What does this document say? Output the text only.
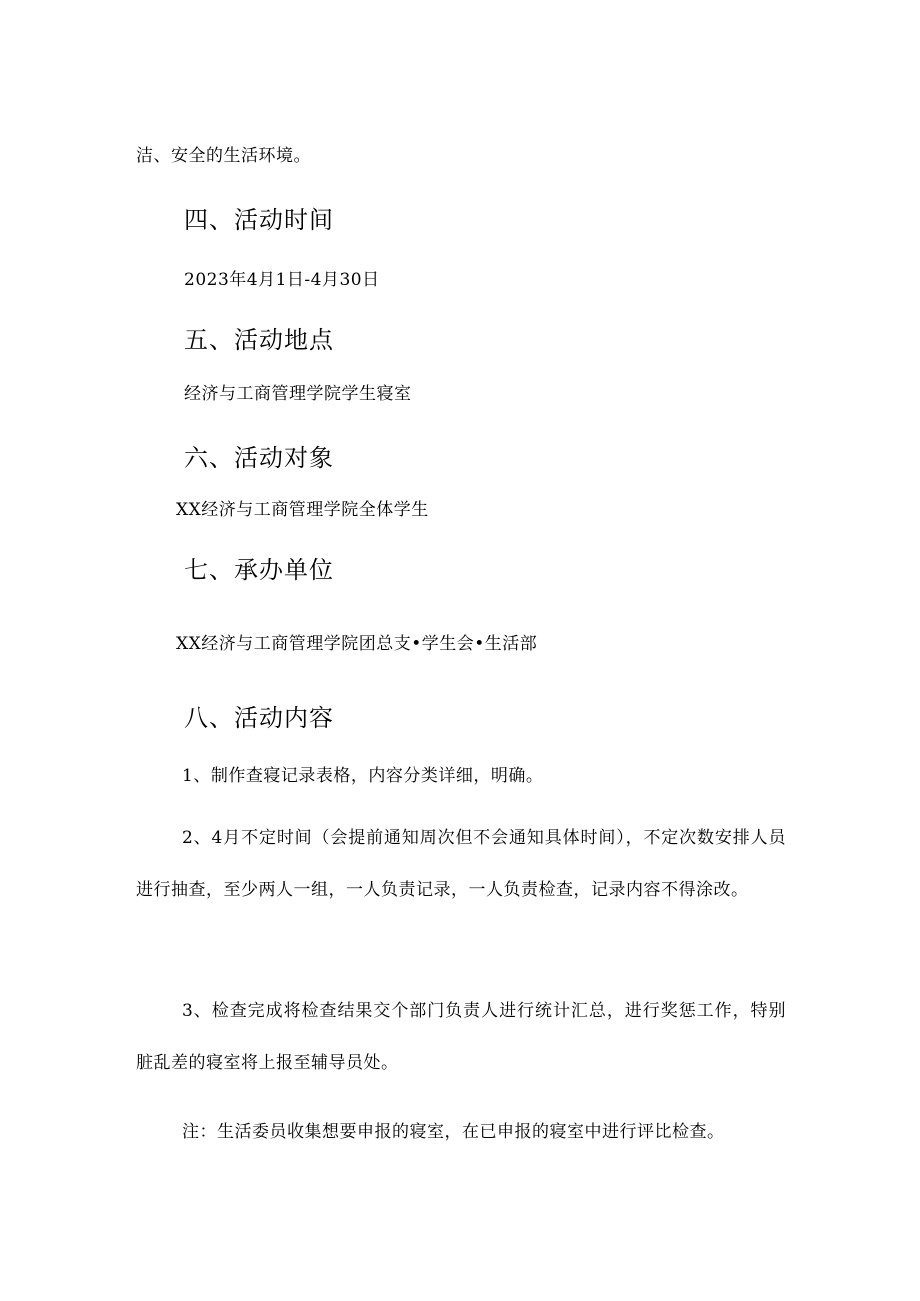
洁、安全的生活环境。
四、活动时间
2023年4月1日-4月30日
五、活动地点
经济与工商管理学院学生寝室
六、活动对象
XX经济与工商管理学院全体学生
七、承办单位
XX经济与工商管理学院团总支•学生会•生活部
八、活动内容
1、制作查寝记录表格，内容分类详细，明确。
2、4月不定时间（会提前通知周次但不会通知具体时间），不定次数安排人员进行抽查，至少两人一组，一人负责记录，一人负责检查，记录内容不得涂改。
3、检查完成将检查结果交个部门负责人进行统计汇总，进行奖惩工作，特别脏乱差的寝室将上报至辅导员处。
注：生活委员收集想要申报的寝室，在已申报的寝室中进行评比检查。
